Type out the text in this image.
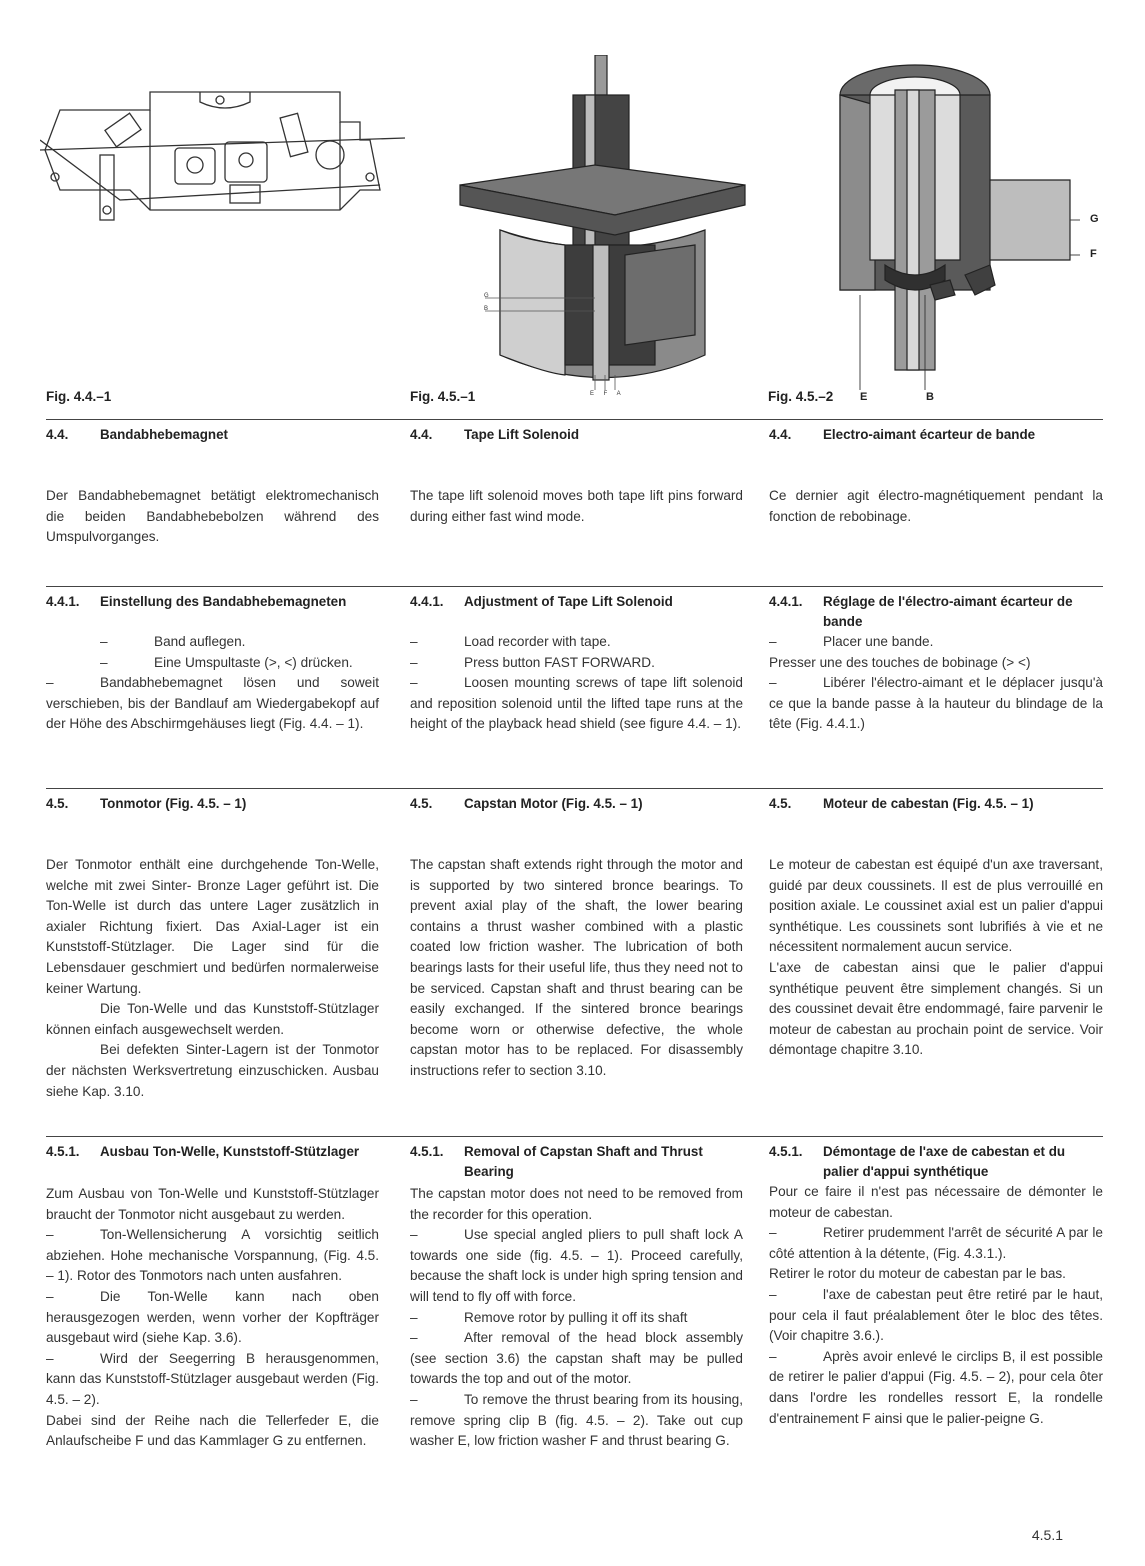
Fig. 4.4.–1
G
B
E F A
Fig. 4.5.–1
G
F
E	B
Fig. 4.5.–2
4.4.	Bandabhebemagnet

Der Bandabhebemagnet betätigt elektromechanisch die beiden Bandabhebebolzen während des Umspulvorganges.

4.4.1.	Einstellung des Bandabhebemagneten

–	Band auflegen.

–	Eine Umspultaste (>, <) drücken.

–	Bandabhebemagnet lösen und soweit verschieben, bis der Bandlauf am Wiedergabekopf auf der Höhe des Abschirmgehäuses liegt (Fig. 4.4. – 1).

4.5.	Tonmotor (Fig. 4.5. – 1)

Der Tonmotor enthält eine durchgehende Ton-Welle, welche mit zwei Sinter- Bronze Lager geführt ist. Die Ton-Welle ist durch das untere Lager zusätzlich in axialer Richtung fixiert. Das Axial-Lager ist ein Kunststoff-Stützlager. Die Lager sind für die Lebensdauer geschmiert und bedürfen normalerweise keiner Wartung.

Die Ton-Welle und das Kunststoff-Stützlager können einfach ausgewechselt werden.

Bei defekten Sinter-Lagern ist der Tonmotor der nächsten Werksvertretung einzuschicken. Ausbau siehe Kap. 3.10.

4.5.1.	Ausbau Ton-Welle, Kunststoff-Stützlager

Zum Ausbau von Ton-Welle und Kunststoff-Stützlager braucht der Tonmotor nicht ausgebaut zu werden.

–	Ton-Wellensicherung A vorsichtig seitlich abziehen. Hohe mechanische Vorspannung, (Fig. 4.5. – 1). Rotor des Tonmotors nach unten ausfahren.

–	Die Ton-Welle kann nach oben herausgezogen werden, wenn vorher der Kopfträger ausgebaut wird (siehe Kap. 3.6).

–	Wird der Seegerring B herausgenommen, kann das Kunststoff-Stützlager ausgebaut werden (Fig. 4.5. – 2).

Dabei sind der Reihe nach die Tellerfeder E, die Anlaufscheibe F und das Kammlager G zu entfernen.

4.4.	Tape Lift Solenoid

The tape lift solenoid moves both tape lift pins forward during either fast wind mode.

4.4.1.	Adjustment of Tape Lift Solenoid

–	Load recorder with tape.

–	Press button FAST FORWARD.

–	Loosen mounting screws of tape lift solenoid and reposition solenoid until the lifted tape runs at the height of the playback head shield (see figure 4.4. – 1).

4.5.	Capstan Motor (Fig. 4.5. – 1)

The capstan shaft extends right through the motor and is supported by two sintered bronce bearings. To prevent axial play of the shaft, the lower bearing contains a thrust washer combined with a plastic coated low friction washer. The lubrication of both bearings lasts for their useful life, thus they need not to be serviced. Capstan shaft and thrust bearing can be easily exchanged. If the sintered bronce bearings become worn or otherwise defective, the whole capstan motor has to be replaced. For disassembly instructions refer to section 3.10.

4.5.1.	Removal of Capstan Shaft and Thrust Bearing

The capstan motor does not need to be removed from the recorder for this operation.

–	Use special angled pliers to pull shaft lock A towards one side (fig. 4.5. – 1). Proceed carefully, because the shaft lock is under high spring tension and will tend to fly off with force.

–	Remove rotor by pulling it off its shaft

–	After removal of the head block assembly (see section 3.6) the capstan shaft may be pulled towards the top and out of the motor.

–	To remove the thrust bearing from its housing, remove spring clip B (fig. 4.5. – 2). Take out cup washer E, low friction washer F and thrust bearing G.

4.4.	Electro-aimant écarteur de bande

Ce dernier agit électro-magnétiquement pendant la fonction de rebobinage.

4.4.1.	Réglage de l'électro-aimant écarteur de bande

–	Placer une bande.

Presser une des touches de bobinage (> <)

–	Libérer l'électro-aimant et le déplacer jusqu'à ce que la bande passe à la hauteur du blindage de la tête (Fig. 4.4.1.)

4.5.	Moteur de cabestan (Fig. 4.5. – 1)

Le moteur de cabestan est équipé d'un axe traversant, guidé par deux coussinets. Il est de plus verrouillé en position axiale. Le coussinet axial est un palier d'appui synthétique. Les coussinets sont lubrifiés à vie et ne nécessitent normalement aucun service.

L'axe de cabestan ainsi que le palier d'appui synthétique peuvent être simplement changés. Si un des coussinet devait être endommagé, faire parvenir le moteur de cabestan au prochain point de service. Voir démontage chapitre 3.10.

4.5.1.	Démontage de l'axe de cabestan et du palier d'appui synthétique

Pour ce faire il n'est pas nécessaire de démonter le moteur de cabestan.

–	Retirer prudemment l'arrêt de sécurité A par le côté attention à la détente, (Fig. 4.3.1.).

Retirer le rotor du moteur de cabestan par le bas.

–	l'axe de cabestan peut être retiré par le haut, pour cela il faut préalablement ôter le bloc des têtes. (Voir chapitre 3.6.).

–	Après avoir enlevé le circlips B, il est possible de retirer le palier d'appui (Fig. 4.5. – 2), pour cela ôter dans l'ordre les rondelles ressort E, la rondelle d'entrainement F ainsi que le palier-peigne G.

4.5.1
